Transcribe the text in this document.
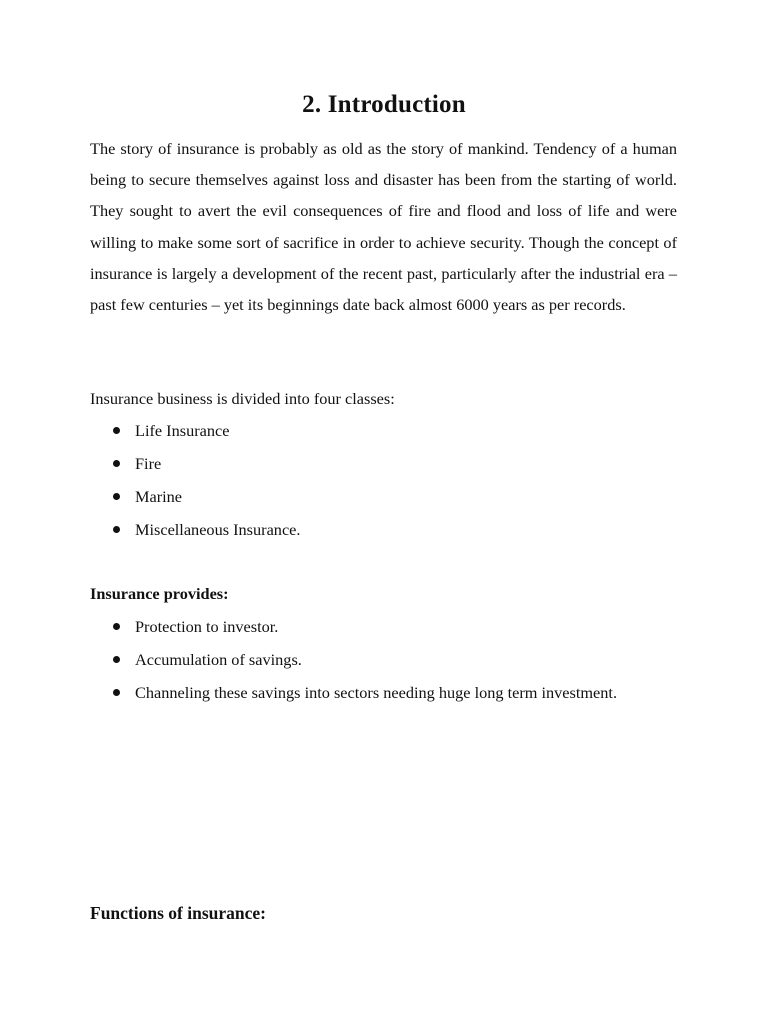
2. Introduction

The story of insurance is probably as old as the story of mankind. Tendency of a human being to secure themselves against loss and disaster has been from the starting of world. They sought to avert the evil consequences of fire and flood and loss of life and were willing to make some sort of sacrifice in order to achieve security. Though the concept of insurance is largely a development of the recent past, particularly after the industrial era – past few centuries – yet its beginnings date back almost 6000 years as per records.

Insurance business is divided into four classes:

Life Insurance
Fire
Marine
Miscellaneous Insurance.

Insurance provides:

Protection to investor.
Accumulation of savings.
Channeling these savings into sectors needing huge long term investment.
Functions of insurance:
